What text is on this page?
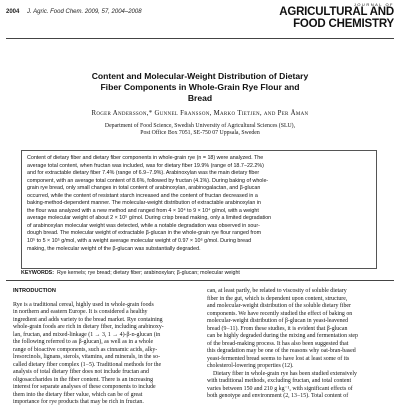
2004 J. Agric. Food Chem. 2009, 57, 2004–2008
JOURNAL OF
AGRICULTURAL AND
FOOD CHEMISTRY
Content and Molecular-Weight Distribution of Dietary
Fiber Components in Whole-Grain Rye Flour and
Bread
Roger Andersson,* Gunnel Fransson, Marko Tietjen, and Per Åman
Department of Food Science, Swedish University of Agricultural Sciences (SLU),
Post Office Box 7051, SE-750 07 Uppsala, Sweden

Content of dietary fiber and dietary fiber components in whole-grain rye (n = 18) were analyzed. The
average total content, when fructan was included, was for dietary fiber 19.9% (range of 18.7−22.2%)
and for extractable dietary fiber 7.4% (range of 6.9−7.9%). Arabinoxylan was the main dietary fiber
component, with an average total content of 8.6%, followed by fructan (4.1%). During baking of whole-
grain rye bread, only small changes in total content of arabinoxylan, arabinogalactan, and β-glucan
occurred, while the content of resistant starch increased and the content of fructan decreased in a
baking-method-dependent manner. The molecular-weight distribution of extractable arabinoxylan in
the flour was analyzed with a new method and ranged from 4 × 10⁴ to 9 × 10⁴ g/mol, with a weight
average molecular weight of about 2 × 10⁵ g/mol. During crisp bread making, only a limited degradation
of arabinoxylan molecular weight was detected, while a notable degradation was observed in sour-
dough bread. The molecular weight of extractable β-glucan in the whole-grain rye flour ranged from
10⁵ to 5 × 10⁵ g/mol, with a weight average molecular weight of 0.97 × 10⁶ g/mol. During bread
making, the molecular weight of the β-glucan was substantially degraded.

KEYWORDS: Rye kernels; rye bread; dietary fiber; arabinoxylan; β-glucan; molecular weight
INTRODUCTION

Rye is a traditional cereal, highly used in whole-grain foods
in northern and eastern Europe. It is considered a healthy
ingredient and adds variety to the bread market. Rye containing
whole-grain foods are rich in dietary fiber, including arabinoxy-
lan, fructan, and mixed-linkage (1 → 3, 1 → 4)-β-ᴅ-glucan (in
the following referred to as β-glucan), as well as in a whole
range of bioactive components, such as cinnamic acids, alky-
lresorcinols, lignans, sterols, vitamins, and minerals, in the so-
called dietary fiber complex (1−5). Traditional methods for the
analysis of total dietary fiber does not include fructan and
oligosaccharides in the fiber content. There is an increasing
interest for separate analyses of these components to include
them into the dietary fiber value, which can be of great
importance for rye products that may be rich in fructan.

can, at least partly, be related to viscosity of soluble dietary
fiber in the gut, which is dependent upon content, structure,
and molecular-weight distribution of the soluble dietary fiber
components. We have recently studied the effect of baking on
molecular-weight distribution of β-glucan in yeast-leavened
bread (9−11). From these studies, it is evident that β-glucan
can be highly degraded during the mixing and fermentation step
of the bread-making process. It has also been suggested that
this degradation may be one of the reasons why oat-bran-based
yeast-fermented bread seems to have lost at least some of its
cholesterol-lowering properties (12).
Dietary fiber in whole-grain rye has been studied extensively
with traditional methods, excluding fructan, and total content
varies between 150 and 210 g kg⁻¹, with significant effects of
both genotype and environment (2, 13−15). Total content of
